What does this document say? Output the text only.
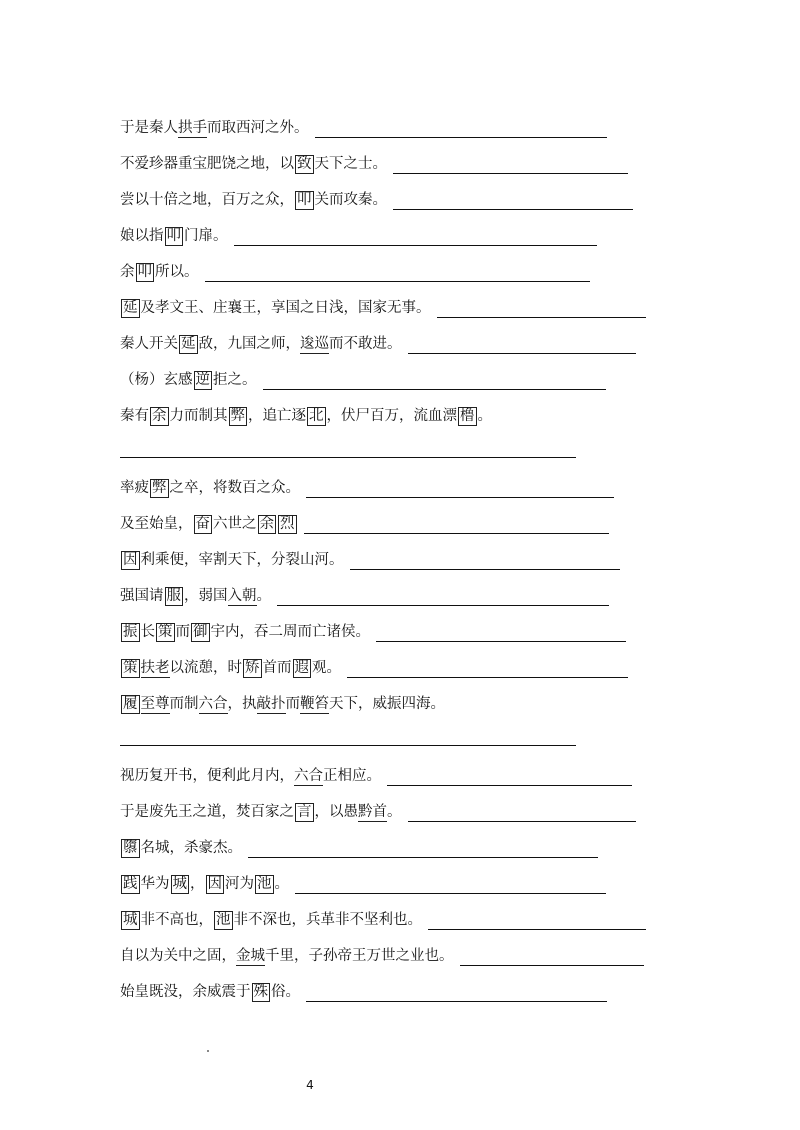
于是秦人 拱手 而取西河之外。
不爱珍器重宝肥饶之地，以 致 天下之士。
尝以十倍之地，百万之众， 叩 关而攻秦。
娘以指 叩 门扉。
余 叩 所以。
延 及孝文王、庄襄王，享国之日浅，国家无事。
秦人开关 延 敌，九国之师， 逡巡 而不敢进。
（杨）玄感 逆 拒之。
秦有 余 力而制其 弊 ，追亡逐 北 ，伏尸百万，流血漂 橹 。
率疲 弊 之卒，将数百之众。
及至始皇， 奋 六世之 余 烈
因 利乘便，宰割天下，分裂山河。
强国请 服 ，弱国 入朝 。
振 长 策 而 御 宇内，吞二周而亡诸侯。
策 扶老 以流憩，时 矫 首而 遐 观。
履 至尊 而制 六合 ，执 敲扑 而 鞭笞 天下，威振四海。
视历复开书，便利此月内， 六合 正相应。
于是废先王之道，焚百家之 言 ，以愚 黔首 。
隳 名城，杀豪杰。
践 华为 城 ， 因 河为 池 。
城 非不高也， 池 非不深也，兵革非不坚利也。
自以为关中之固， 金城 千里，子孙帝王万世之业也。
始皇既没，余威震于 殊 俗。
4
